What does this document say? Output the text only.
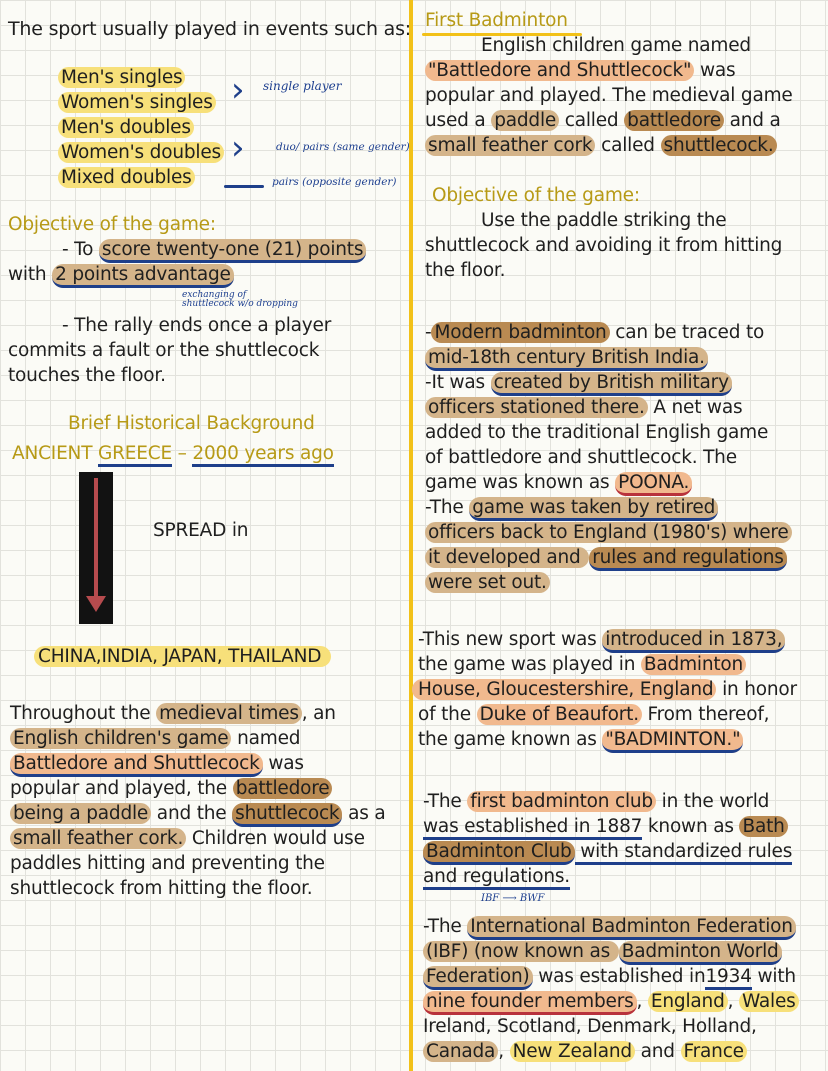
The sport usually played in events such as:
Men's singles
Women's singles
Men's doubles
Women's doubles
Mixed doubles
› single player
›	duo/ pairs (same gender)
pairs (opposite gender)
Objective of the game:
- To score twenty-one (21) points
with 2 points advantage
exchanging of
shuttlecock w/o dropping
- The rally ends once a player
commits a fault or the shuttlecock
touches the floor.
Brief Historical Background
ANCIENT GREECE – 2000 years ago
SPREAD in
CHINA,INDIA, JAPAN, THAILAND
Throughout the medieval times , an
English children's game named
Battledore and Shuttlecock was
popular and played, the battledore
being a paddle and the shuttlecock as a
small feather cork. Children would use
paddles hitting and preventing the
shuttlecock from hitting the floor.
First Badminton
English children game named
"Battledore and Shuttlecock" was
popular and played. The medieval game
used a paddle called battledore and a
small feather cork called shuttlecock.
Objective of the game:
Use the paddle striking the
shuttlecock and avoiding it from hitting
the floor.
- Modern badminton can be traced to
mid-18th century British India.
-It was created by British military
officers stationed there. A net was
added to the traditional English game
of battledore and shuttlecock. The
game was known as POONA.
-The game was taken by retired
officers back to England (1980's) where
it developed and rules and regulations
were set out.
-This new sport was introduced in 1873,
the game was played in Badminton
House, Gloucestershire, England in honor
of the Duke of Beaufort. From thereof,
the game known as "BADMINTON."
-The first badminton club in the world
was established in 1887 known as Bath
Badminton Club with standardized rules
and regulations.
IBF ⟶ BWF
-The International Badminton Federation
(IBF) (now known as Badminton World
Federation) was established in1934 with
nine founder members , England , Wales
Ireland, Scotland, Denmark, Holland,
Canada , New Zealand and France
